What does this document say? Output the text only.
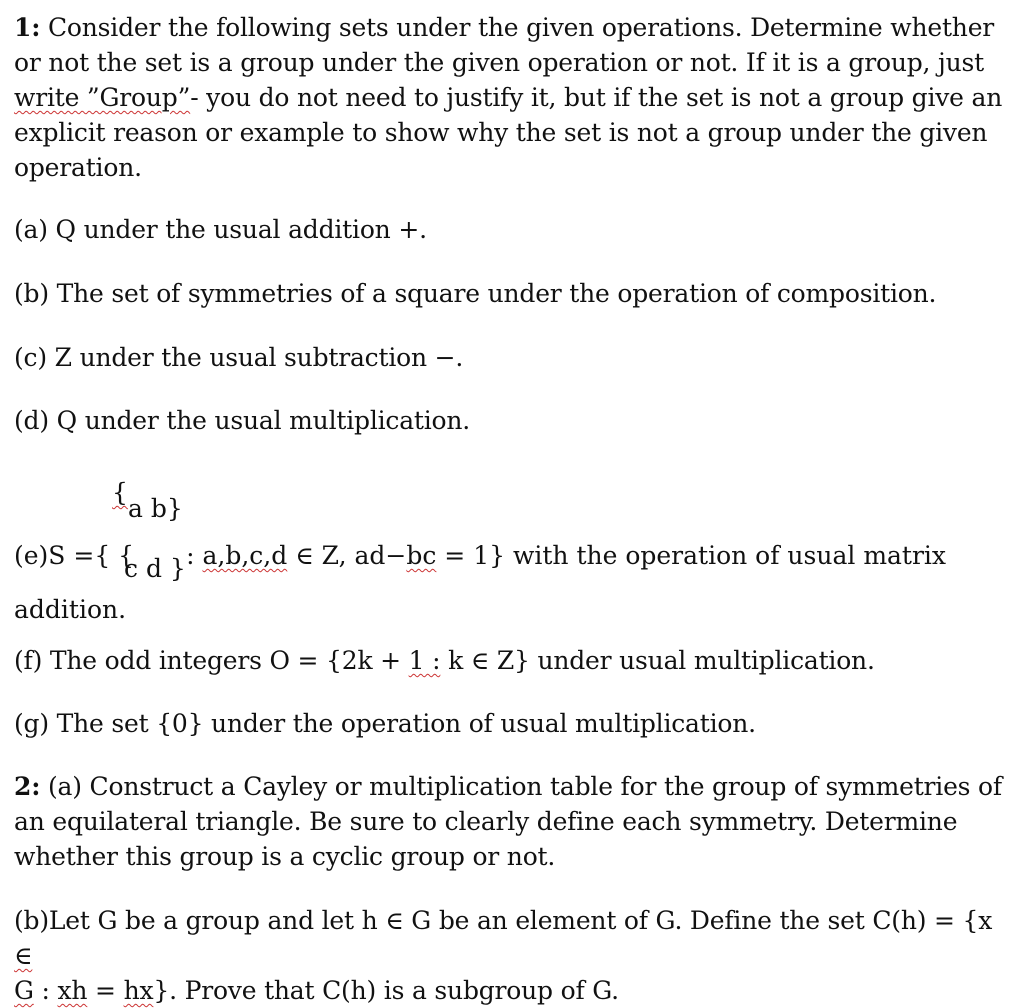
1: Consider the following sets under the given operations. Determine whether or not the set is a group under the given operation or not. If it is a group, just write ”Group”- you do not need to justify it, but if the set is not a group give an explicit reason or example to show why the set is not a group under the given operation.

(a) Q under the usual addition +.

(b) The set of symmetries of a square under the operation of composition.

(c) Z under the usual subtraction −.

(d) Q under the usual multiplication.

{
a b}
(e)S ={ { : a,b,c,d ∈ Z, ad−bc = 1} with the operation of usual matrix
c d }
addition.

(f) The odd integers O = {2k + 1 : k ∈ Z} under usual multiplication.

(g) The set {0} under the operation of usual multiplication.

2: (a) Construct a Cayley or multiplication table for the group of symmetries of an equilateral triangle. Be sure to clearly define each symmetry. Determine whether this group is a cyclic group or not.

(b)Let G be a group and let h ∈ G be an element of G. Define the set C(h) = {x ∈
G : xh = hx}. Prove that C(h) is a subgroup of G.
